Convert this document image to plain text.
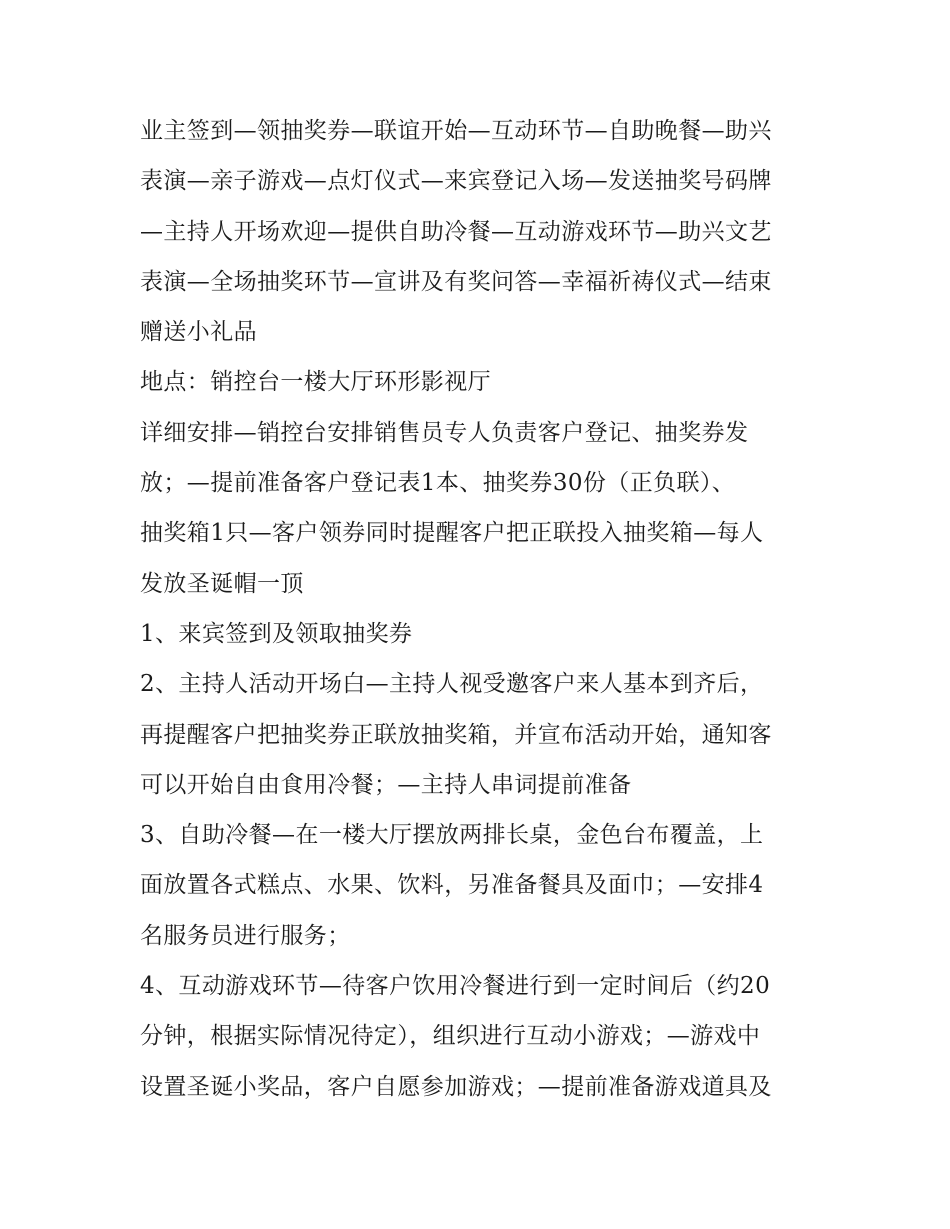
业主签到—领抽奖券—联谊开始—互动环节—自助晚餐—助兴
表演—亲子游戏—点灯仪式—来宾登记入场—发送抽奖号码牌
—主持人开场欢迎—提供自助冷餐—互动游戏环节—助兴文艺
表演—全场抽奖环节—宣讲及有奖问答—幸福祈祷仪式—结束
赠送小礼品

地点：销控台一楼大厅环形影视厅

详细安排—销控台安排销售员专人负责客户登记、抽奖券发
放；—提前准备客户登记表1本、抽奖券30份（正负联）、
抽奖箱1只—客户领券同时提醒客户把正联投入抽奖箱—每人
发放圣诞帽一顶

1、来宾签到及领取抽奖券

2、主持人活动开场白—主持人视受邀客户来人基本到齐后，
再提醒客户把抽奖券正联放抽奖箱，并宣布活动开始，通知客
可以开始自由食用冷餐；—主持人串词提前准备

3、自助冷餐—在一楼大厅摆放两排长桌，金色台布覆盖，上
面放置各式糕点、水果、饮料，另准备餐具及面巾；—安排4
名服务员进行服务；

4、互动游戏环节—待客户饮用冷餐进行到一定时间后（约20
分钟，根据实际情况待定），组织进行互动小游戏；—游戏中
设置圣诞小奖品，客户自愿参加游戏；—提前准备游戏道具及
